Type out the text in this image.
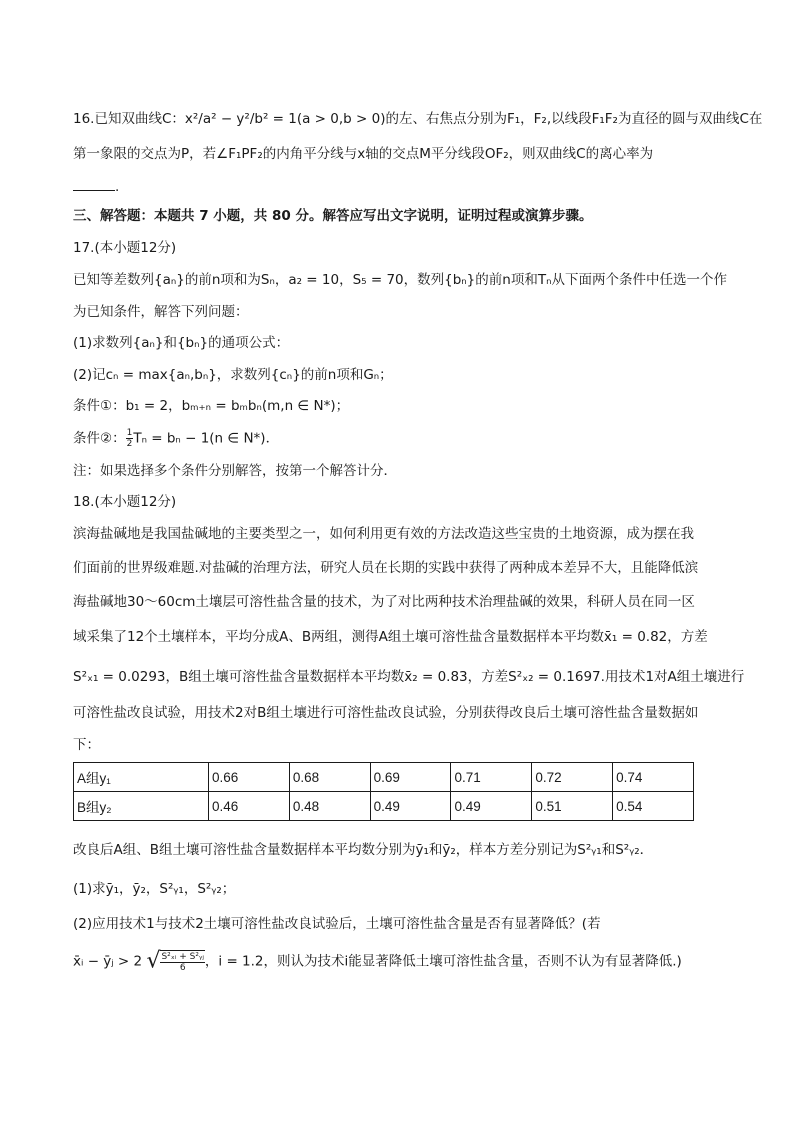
16.已知双曲线C：x²/a² − y²/b² = 1(a > 0,b > 0)的左、右焦点分别为F₁，F₂,以线段F₁F₂为直径的圆与双曲线C在
第一象限的交点为P，若∠F₁PF₂的内角平分线与x轴的交点M平分线段OF₂，则双曲线C的离心率为
.
三、解答题：本题共 7 小题，共 80 分。解答应写出文字说明，证明过程或演算步骤。
17.(本小题12分)
已知等差数列{aₙ}的前n项和为Sₙ，a₂ = 10，S₅ = 70，数列{bₙ}的前n项和Tₙ从下面两个条件中任选一个作
为已知条件，解答下列问题：
(1)求数列{aₙ}和{bₙ}的通项公式：
(2)记cₙ = max{aₙ,bₙ}，求数列{cₙ}的前n项和Gₙ；
条件①：b₁ = 2，bₘ₊ₙ = bₘbₙ(m,n ∈ N*)；
条件②： $\frac{1}{2}$ Tₙ = bₙ − 1(n ∈ N*)．
注：如果选择多个条件分别解答，按第一个解答计分．
18.(本小题12分)
滨海盐碱地是我国盐碱地的主要类型之一，如何利用更有效的方法改造这些宝贵的土地资源，成为摆在我
们面前的世界级难题.对盐碱的治理方法，研究人员在长期的实践中获得了两种成本差异不大，且能降低滨
海盐碱地30～60cm土壤层可溶性盐含量的技术，为了对比两种技术治理盐碱的效果，科研人员在同一区
域采集了12个土壤样本，平均分成A、B两组，测得A组土壤可溶性盐含量数据样本平均数x̄₁ = 0.82，方差
S²ₓ₁ = 0.0293，B组土壤可溶性盐含量数据样本平均数x̄₂ = 0.83，方差S²ₓ₂ = 0.1697.用技术1对A组土壤进行
可溶性盐改良试验，用技术2对B组土壤进行可溶性盐改良试验，分别获得改良后土壤可溶性盐含量数据如
下：
A组y₁	0.66	0.68	0.69	0.71	0.72	0.74
B组y₂	0.46	0.48	0.49	0.49	0.51	0.54
改良后A组、B组土壤可溶性盐含量数据样本平均数分别为ȳ₁和ȳ₂，样本方差分别记为S²ᵧ₁和S²ᵧ₂．
(1)求ȳ₁，ȳ₂，S²ᵧ₁，S²ᵧ₂；
(2)应用技术1与技术2土壤可溶性盐改良试验后，土壤可溶性盐含量是否有显著降低？(若
x̄ᵢ − ȳⱼ > 2 √ $\frac{\text{S²ₓᵢ + S²ᵧⱼ}}{6}$ ，i = 1.2，则认为技术i能显著降低土壤可溶性盐含量，否则不认为有显著降低.)
